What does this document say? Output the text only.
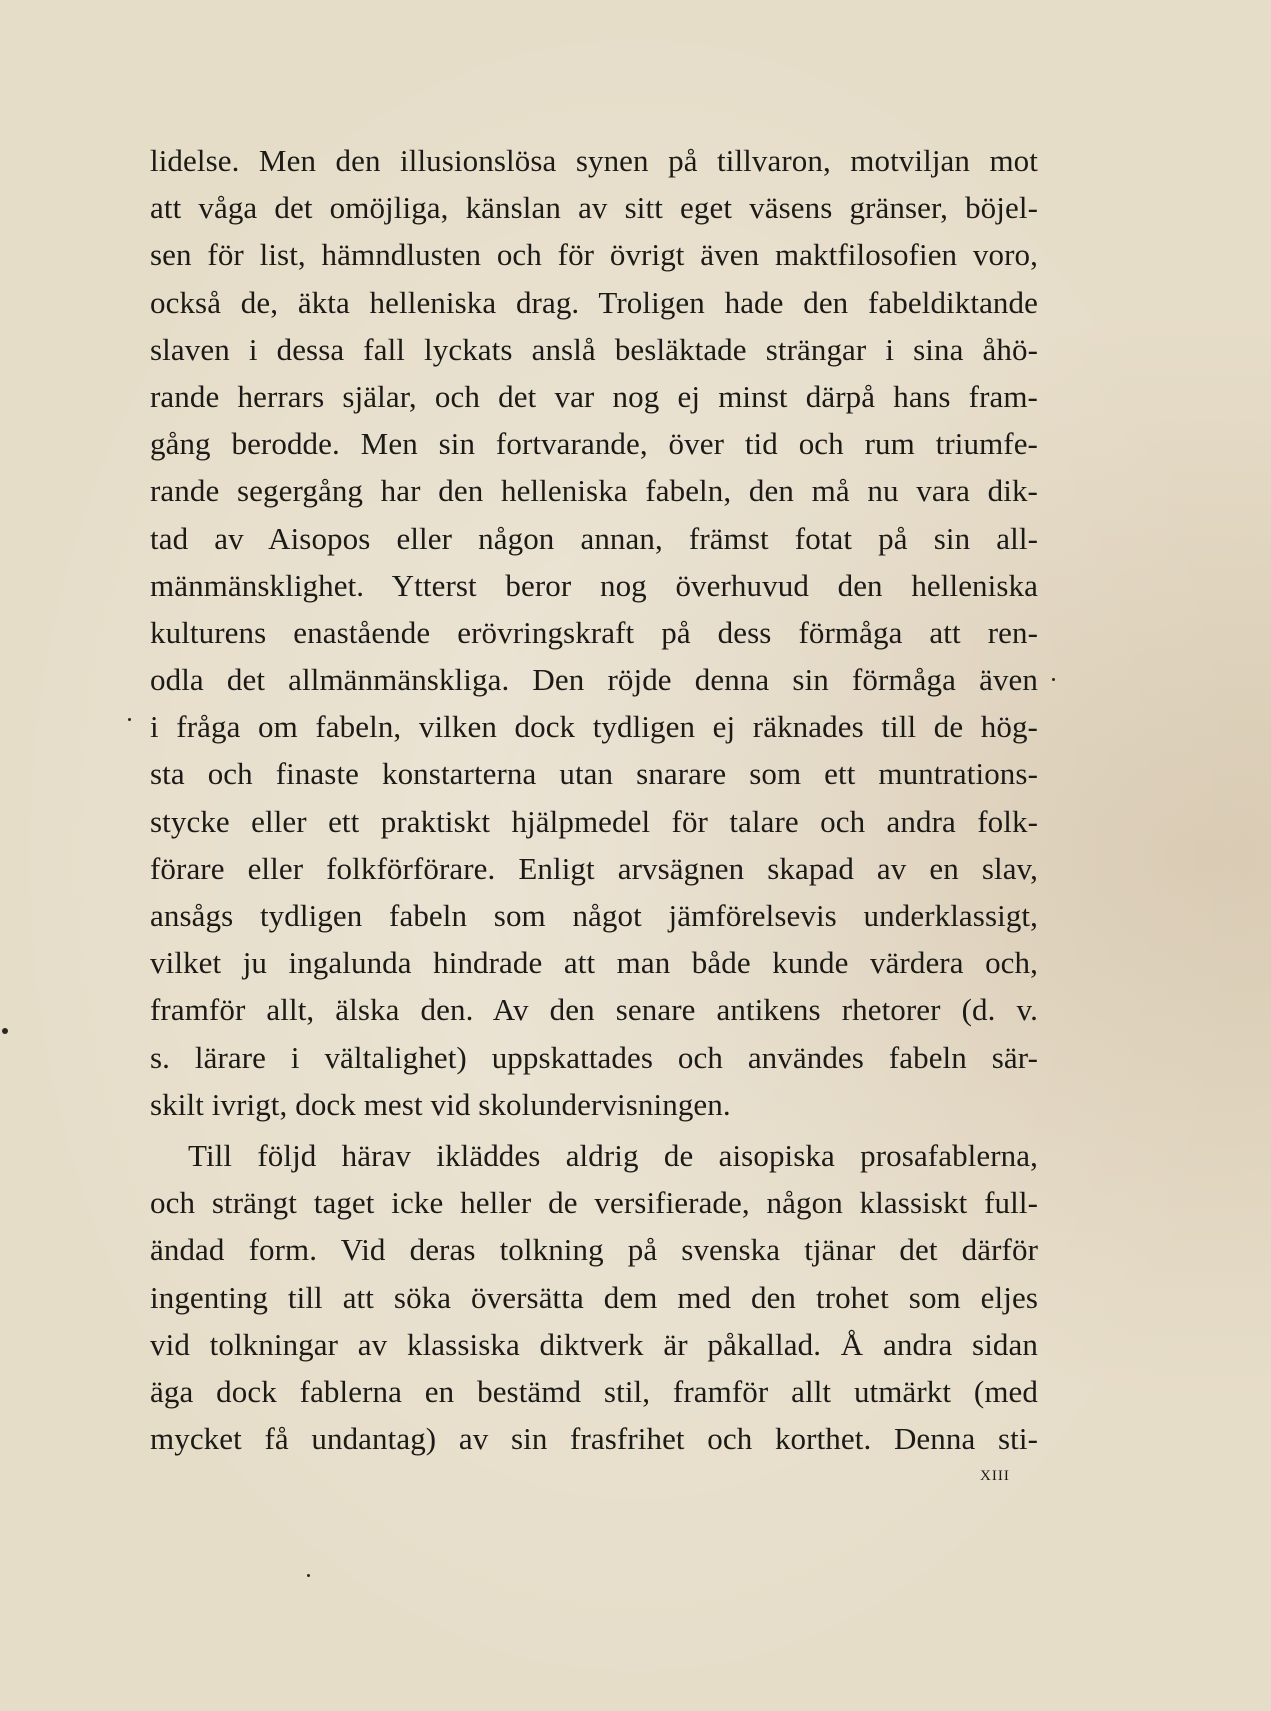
lidelse. Men den illusionslösa synen på tillvaron, motviljan mot
att våga det omöjliga, känslan av sitt eget väsens gränser, böjel-
sen för list, hämndlusten och för övrigt även maktfilosofien voro,
också de, äkta helleniska drag. Troligen hade den fabeldiktande
slaven i dessa fall lyckats anslå besläktade strängar i sina åhö-
rande herrars själar, och det var nog ej minst därpå hans fram-
gång berodde. Men sin fortvarande, över tid och rum triumfe-
rande segergång har den helleniska fabeln, den må nu vara dik-
tad av Aisopos eller någon annan, främst fotat på sin all-
mänmänsklighet. Ytterst beror nog överhuvud den helleniska
kulturens enastående erövringskraft på dess förmåga att ren-
odla det allmänmänskliga. Den röjde denna sin förmåga även
i fråga om fabeln, vilken dock tydligen ej räknades till de hög-
sta och finaste konstarterna utan snarare som ett muntrations-
stycke eller ett praktiskt hjälpmedel för talare och andra folk-
förare eller folkförförare. Enligt arvsägnen skapad av en slav,
ansågs tydligen fabeln som något jämförelsevis underklassigt,
vilket ju ingalunda hindrade att man både kunde värdera och,
framför allt, älska den. Av den senare antikens rhetorer (d. v.
s. lärare i vältalighet) uppskattades och användes fabeln sär-
skilt ivrigt, dock mest vid skolundervisningen.
Till följd härav ikläddes aldrig de aisopiska prosafablerna,
och strängt taget icke heller de versifierade, någon klassiskt full-
ändad form. Vid deras tolkning på svenska tjänar det därför
ingenting till att söka översätta dem med den trohet som eljes
vid tolkningar av klassiska diktverk är påkallad. Å andra sidan
äga dock fablerna en bestämd stil, framför allt utmärkt (med
mycket få undantag) av sin frasfrihet och korthet. Denna sti-
xiii
